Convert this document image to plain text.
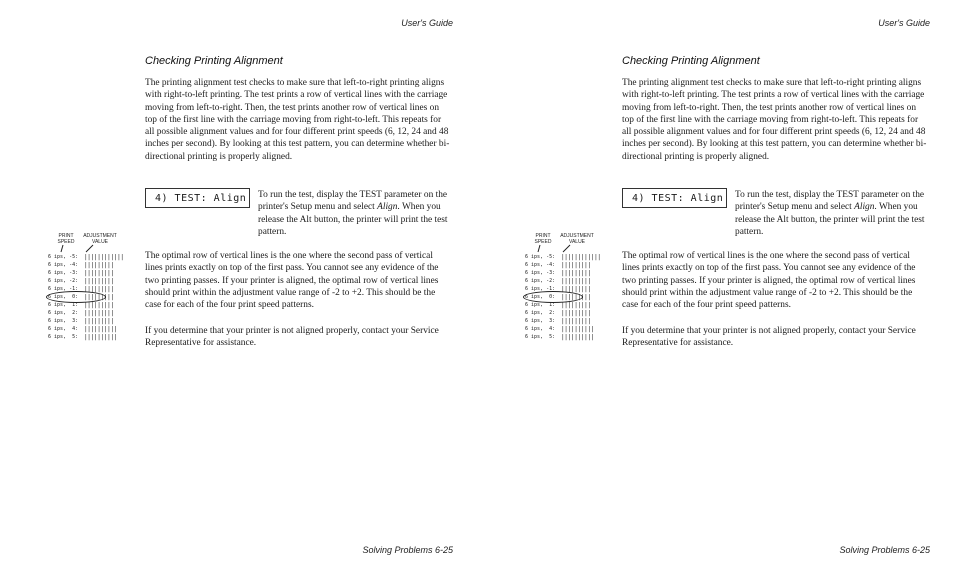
User's Guide
Checking Printing Alignment

The printing alignment test checks to make sure that left-to-right printing aligns with right-to-left printing. The test prints a row of vertical lines with the carriage moving from left-to-right. Then, the test prints another row of vertical lines on top of the first line with the carriage moving from right-to-left. This repeats for all possible alignment values and for four different print speeds (6, 12, 24 and 48 inches per second). By looking at this test pattern, you can determine whether bi-directional printing is properly aligned.

4) TEST: Align	To run the test, display the TEST parameter on the printer's Setup menu and select Align. When you release the Alt button, the printer will print the test pattern.

PRINT
SPEED
ADJUSTMENT
VALUE
6 ips, -5: ||||||||||||
6 ips, -4: |||||||||
6 ips, -3: |||||||||
6 ips, -2: |||||||||
6 ips, -1: |||||||||
6 ips,  0: |||||||||
6 ips,  1: |||||||||
6 ips,  2: |||||||||
6 ips,  3: |||||||||
6 ips,  4: ||||||||||
6 ips,  5: ||||||||||

The optimal row of vertical lines is the one where the second pass of vertical lines prints exactly on top of the first pass. You cannot see any evidence of the two printing passes. If your printer is aligned, the optimal row of vertical lines should print within the adjustment value range of -2 to +2. This should be the case for each of the four print speed patterns.

If you determine that your printer is not aligned properly, contact your Service Representative for assistance.

Solving Problems 6-25
User's Guide
Checking Printing Alignment

The printing alignment test checks to make sure that left-to-right printing aligns with right-to-left printing. The test prints a row of vertical lines with the carriage moving from left-to-right. Then, the test prints another row of vertical lines on top of the first line with the carriage moving from right-to-left. This repeats for all possible alignment values and for four different print speeds (6, 12, 24 and 48 inches per second). By looking at this test pattern, you can determine whether bi-directional printing is properly aligned.

4) TEST: Align	To run the test, display the TEST parameter on the printer's Setup menu and select Align. When you release the Alt button, the printer will print the test pattern.

PRINT
SPEED
ADJUSTMENT
VALUE
6 ips, -5: ||||||||||||
6 ips, -4: |||||||||
6 ips, -3: |||||||||
6 ips, -2: |||||||||
6 ips, -1: |||||||||
6 ips,  0: |||||||||
6 ips,  1: |||||||||
6 ips,  2: |||||||||
6 ips,  3: |||||||||
6 ips,  4: ||||||||||
6 ips,  5: ||||||||||

The optimal row of vertical lines is the one where the second pass of vertical lines prints exactly on top of the first pass. You cannot see any evidence of the two printing passes. If your printer is aligned, the optimal row of vertical lines should print within the adjustment value range of -2 to +2. This should be the case for each of the four print speed patterns.

If you determine that your printer is not aligned properly, contact your Service Representative for assistance.

Solving Problems 6-25
